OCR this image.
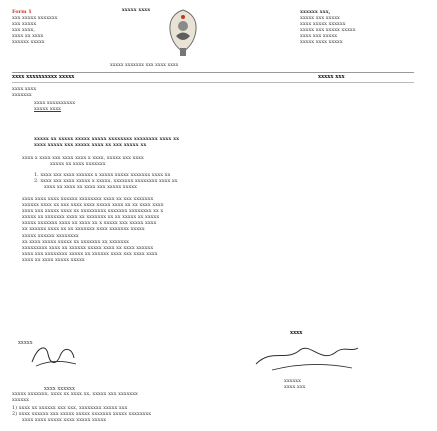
Form 1
xxx xxxxx xxxxxxx
xxx xxxxx
xxx xxxx,
xxxx xx xxxx
xxxxxx xxxxx
xxxxx xxxx	xxxxxx xxx,
xxxxx xxx xxxxx
xxxx xxxxx xxxxxx
xxxxx xxx xxxxx xxxxx
xxxx xxx xxxxx
xxxxx xxxx xxxxx
xxxxx xxxxxxx xxx xxxx xxxx
xxxx xxxxxxxxxx xxxxx	xxxxx xxx
xxxx xxxx
xxxxxxx
xxxx xxxxxxxxxx
xxxxx xxxx
xxxxx xx xxxxx xxxxx xxxxx xxxxxxxx xxxxxxxx xxxx xx
xxxx xxxxx xxx xxxxx xxxx xx xxx xxxxx xx
xxxx x xxxx xxx xxxx xxxx x xxxx, xxxxx xxx xxxx
xxxxx xx xxxx xxxxxxx
1. xxxx xxx xxxx xxxxxx x xxxxx xxxxx xxxxxxx xxxx xx
2. xxxx xxx xxxx xxxxx x xxxxx, xxxxxxx xxxxxxxx xxxx xx
xxxx xx xxxx xx xxxx xxx xxxxx xxxxx
xxxx xxxx xxxx xxxxxx xxxxxxxx xxxx xx xxx xxxxxxx
xxxxxx xxxx xx xxx xxxx xxxx xxxxx xxxx xx xx xxxx xxxx
xxxx xxx xxxxx xxxx xx xxxxxxxxx xxxxxxx xxxxxxxx xx x
xxxxx xx xxxxxxx xxxx xx xxxxxxx xx xx xxxxx xx xxxxx
xxxxx xxxxxxx xxxx xx xxxx xx x xxxxx xxx xxxxx xxxx
xx xxxxxx xxxx xx xx xxxxxxx xxxx xxxxxxx xxxxx
xxxxx xxxxxx xxxxxxxx
xx xxxx xxxxx xxxxx xx xxxxxxx xx xxxxxxx
xxxxxxxxx xxxx xx xxxxxx xxxxx xxxx xx xxxx xxxxxx
xxxx xxx xxxxxxxx xxxxx xx xxxxxx xxxx xxx xxxx xxxx
xxxx xx xxxx xxxxx xxxxx
xxxxx
xxxx xxxxxx
xxxx
xxxxxx
xxxx xxx
xxxxx xxxxxxx, xxxx xx xxxx xx, xxxxx xxx xxxxxxx
xxxxxx
1) xxxx xx xxxxxx xxx xxx, xxxxxxxx xxxxx xxx
2) xxxx xxxxxx xxx xxxxx xxxxx xxxxxxx xxxxx xxxxxxxx
xxxx xxxx xxxxx xxxx xxxxx xxxxx
